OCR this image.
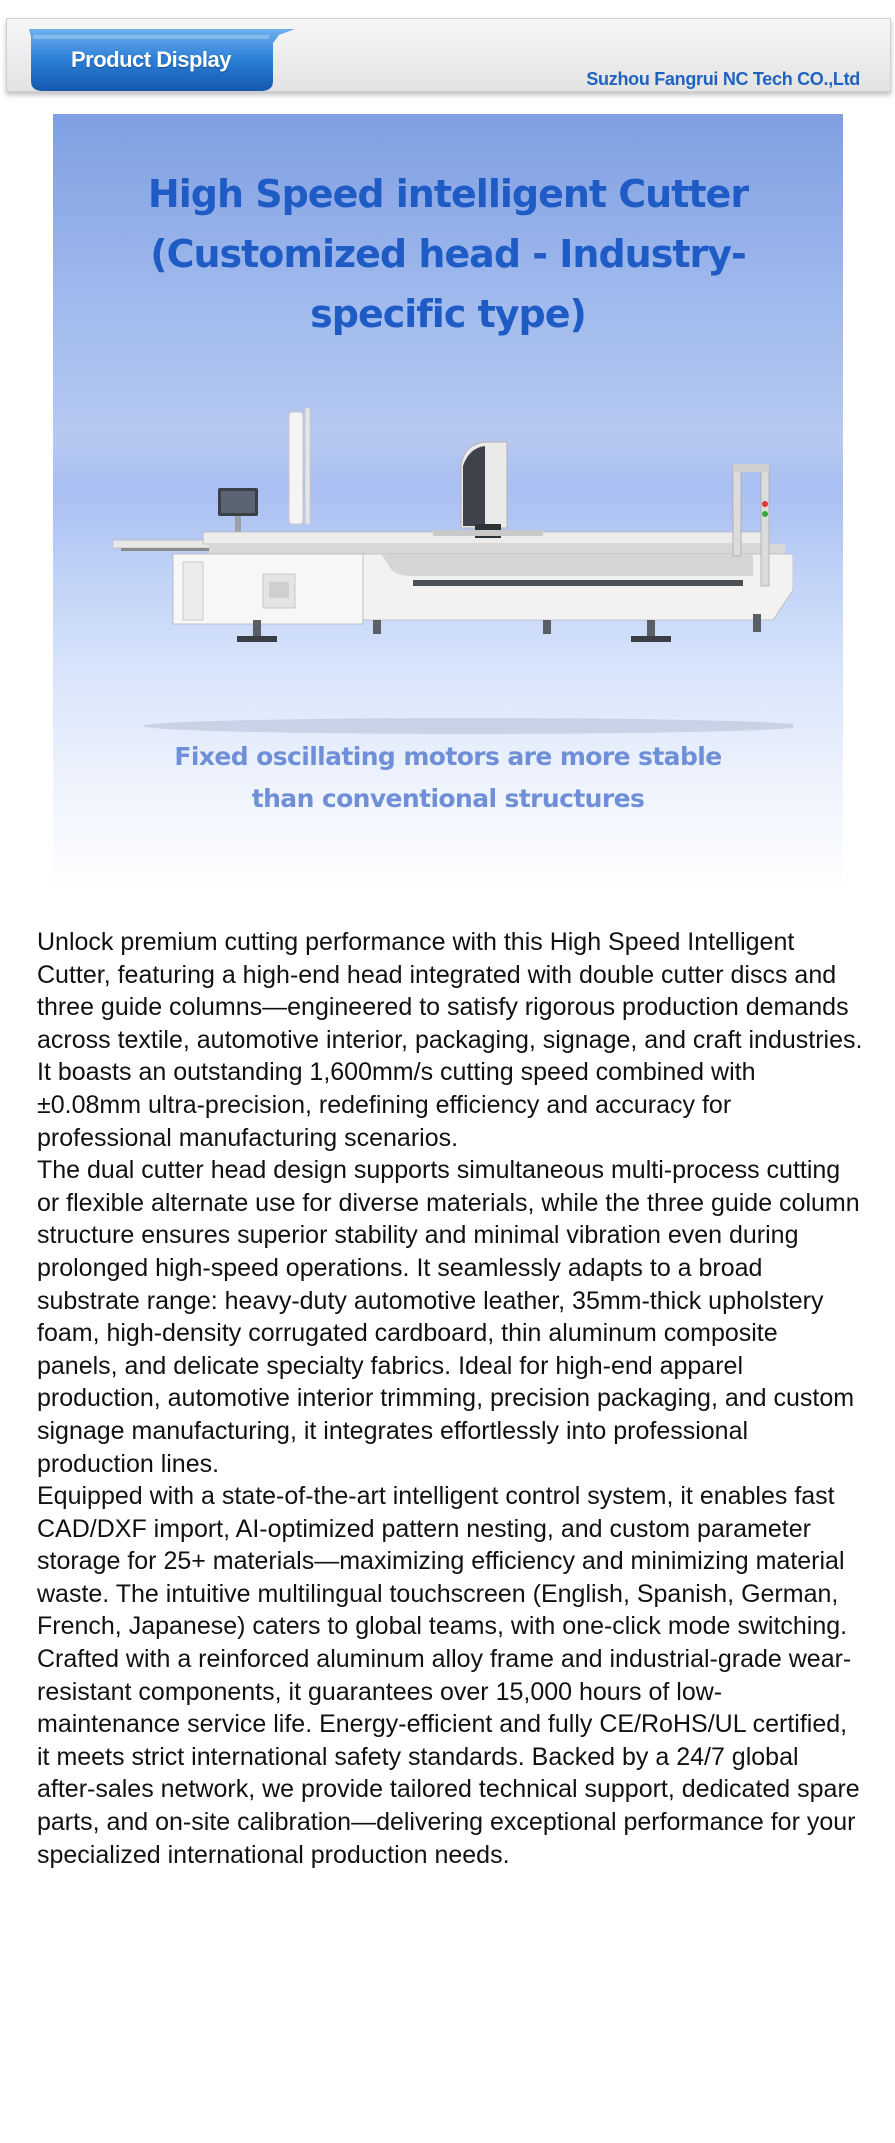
Product Display
Suzhou Fangrui NC Tech CO.,Ltd
High Speed intelligent Cutter
(Customized head - Industry-
specific type)
Fixed oscillating motors are more stable
than conventional structures

Unlock premium cutting performance with this High Speed Intelligent Cutter, featuring a high-end head integrated with double cutter discs and three guide columns—engineered to satisfy rigorous production demands across textile, automotive interior, packaging, signage, and craft industries. It boasts an outstanding 1,600mm/s cutting speed combined with ±0.08mm ultra-precision, redefining efficiency and accuracy for professional manufacturing scenarios.

The dual cutter head design supports simultaneous multi-process cutting or flexible alternate use for diverse materials, while the three guide column structure ensures superior stability and minimal vibration even during prolonged high-speed operations. It seamlessly adapts to a broad substrate range: heavy-duty automotive leather, 35mm-thick upholstery foam, high-density corrugated cardboard, thin aluminum composite panels, and delicate specialty fabrics. Ideal for high-end apparel production, automotive interior trimming, precision packaging, and custom signage manufacturing, it integrates effortlessly into professional production lines.

Equipped with a state-of-the-art intelligent control system, it enables fast CAD/DXF import, AI-optimized pattern nesting, and custom parameter storage for 25+ materials—maximizing efficiency and minimizing material waste. The intuitive multilingual touchscreen (English, Spanish, German, French, Japanese) caters to global teams, with one-click mode switching. Crafted with a reinforced aluminum alloy frame and industrial-grade wear-resistant components, it guarantees over 15,000 hours of low-maintenance service life. Energy-efficient and fully CE/RoHS/UL certified, it meets strict international safety standards. Backed by a 24/7 global after-sales network, we provide tailored technical support, dedicated spare parts, and on-site calibration—delivering exceptional performance for your specialized international production needs.
